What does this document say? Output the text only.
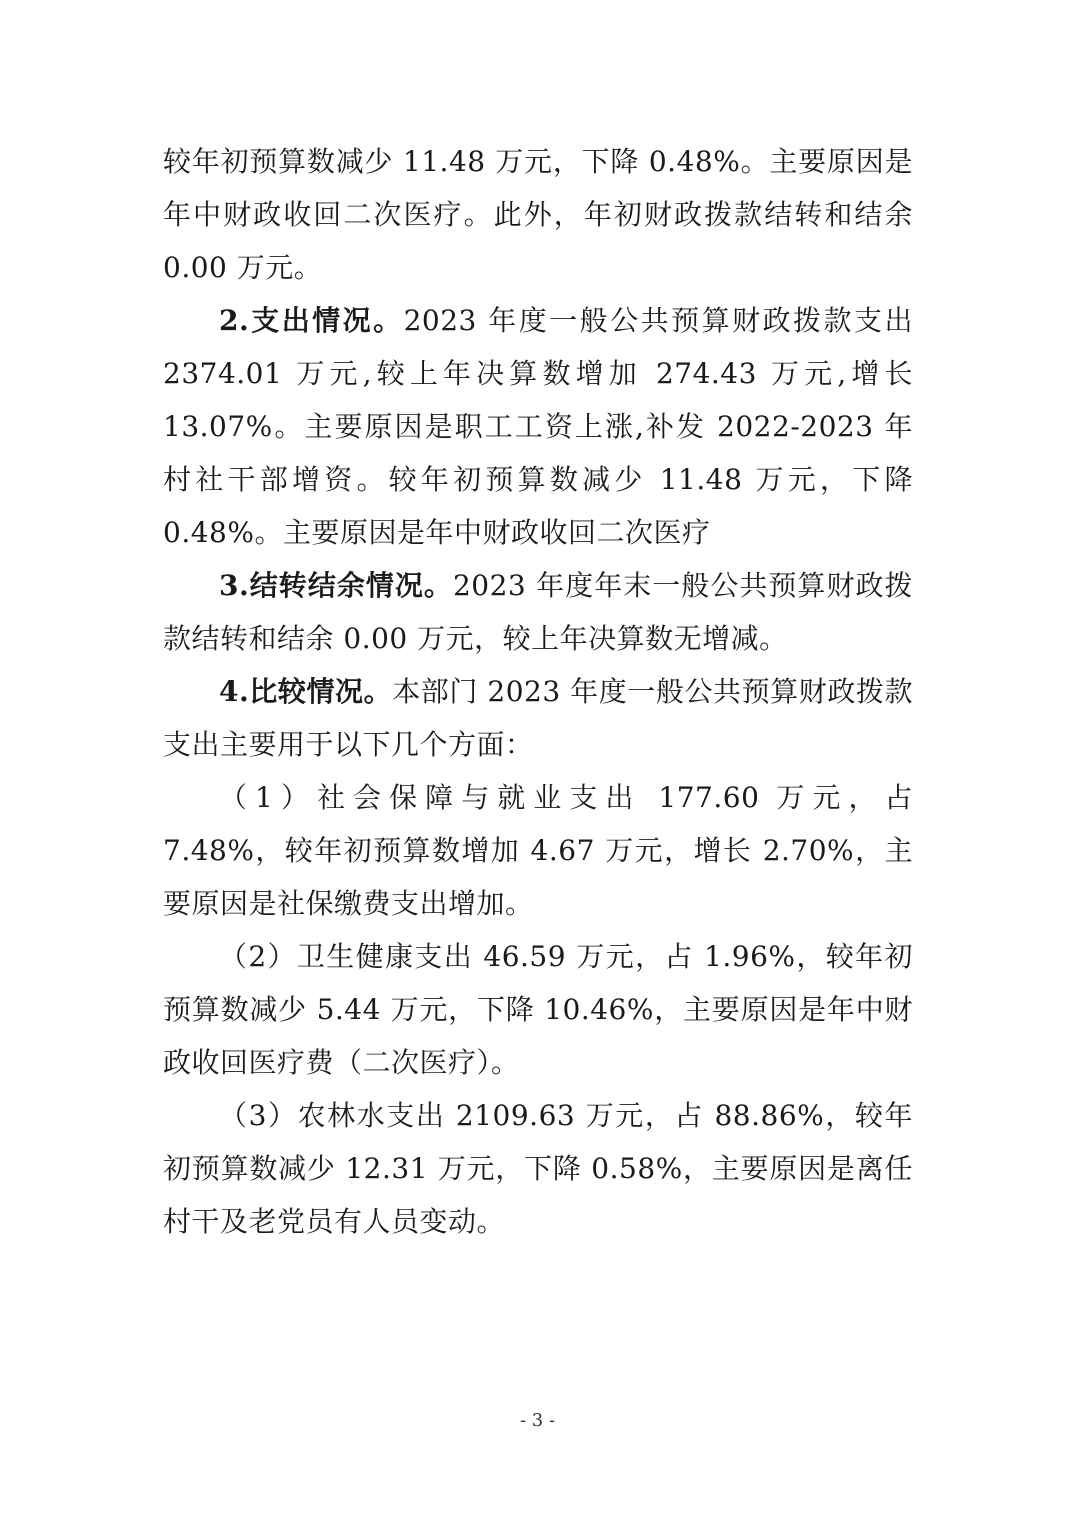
较年初预算数减少 11.48 万元，下降 0.48%。主要原因是年中财政收回二次医疗。此外，年初财政拨款结转和结余 0.00 万元。

2.支出情况。2023 年度一般公共预算财政拨款支出 2374.01 万元,较上年决算数增加 274.43 万元,增长 13.07%。主要原因是职工工资上涨,补发 2022-2023 年村社干部增资。较年初预算数减少 11.48 万元，下降 0.48%。主要原因是年中财政收回二次医疗

3.结转结余情况。2023 年度年末一般公共预算财政拨款结转和结余 0.00 万元，较上年决算数无增减。

4.比较情况。本部门 2023 年度一般公共预算财政拨款支出主要用于以下几个方面：

（1）社会保障与就业支出 177.60 万元，占 7.48%，较年初预算数增加 4.67 万元，增长 2.70%，主要原因是社保缴费支出增加。

（2）卫生健康支出 46.59 万元，占 1.96%，较年初预算数减少 5.44 万元，下降 10.46%，主要原因是年中财政收回医疗费（二次医疗）。

（3）农林水支出 2109.63 万元，占 88.86%，较年初预算数减少 12.31 万元，下降 0.58%，主要原因是离任村干及老党员有人员变动。

- 3 -
